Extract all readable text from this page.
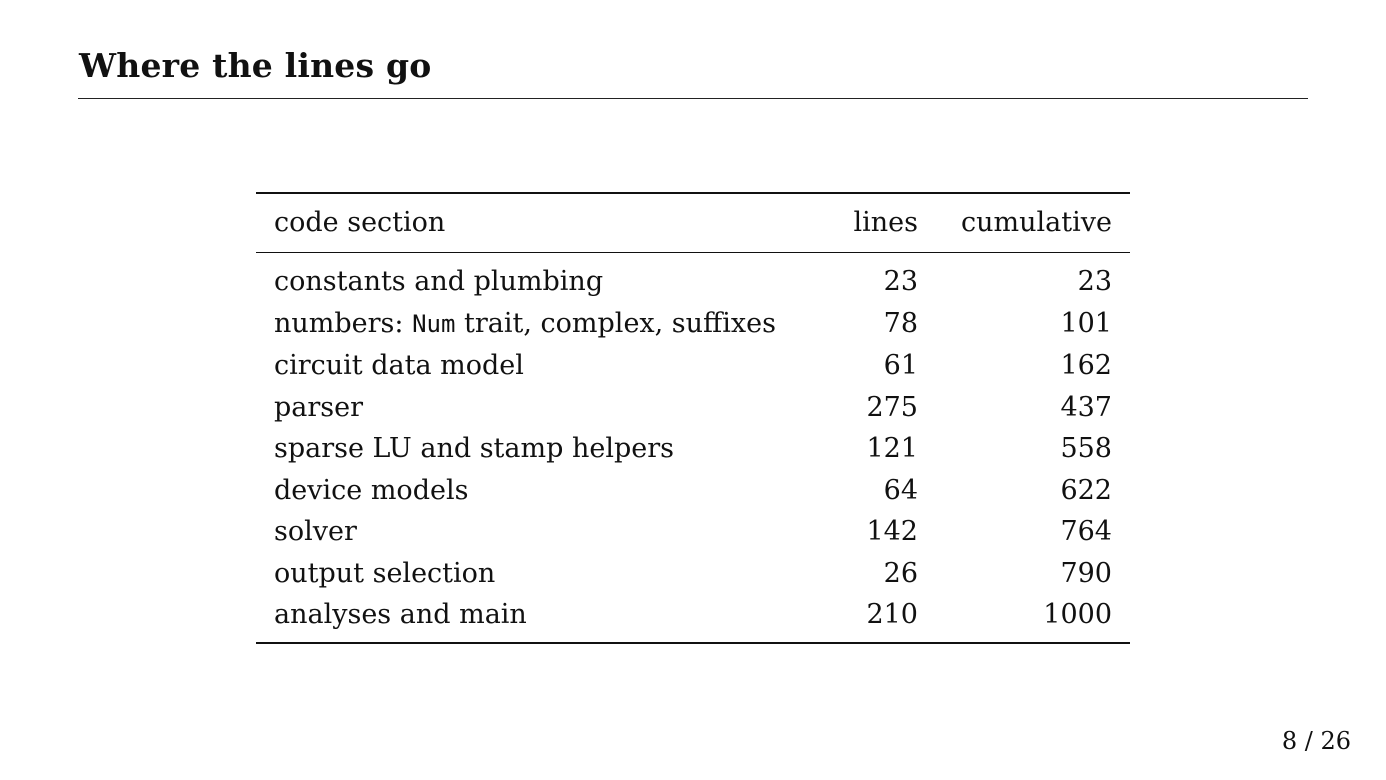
Where the lines go
code section	lines	cumulative
constants and plumbing	23	23
numbers: Num trait, complex, suffixes	78	101
circuit data model	61	162
parser	275	437
sparse LU and stamp helpers	121	558
device models	64	622
solver	142	764
output selection	26	790
analyses and main	210	1000
8 / 26
